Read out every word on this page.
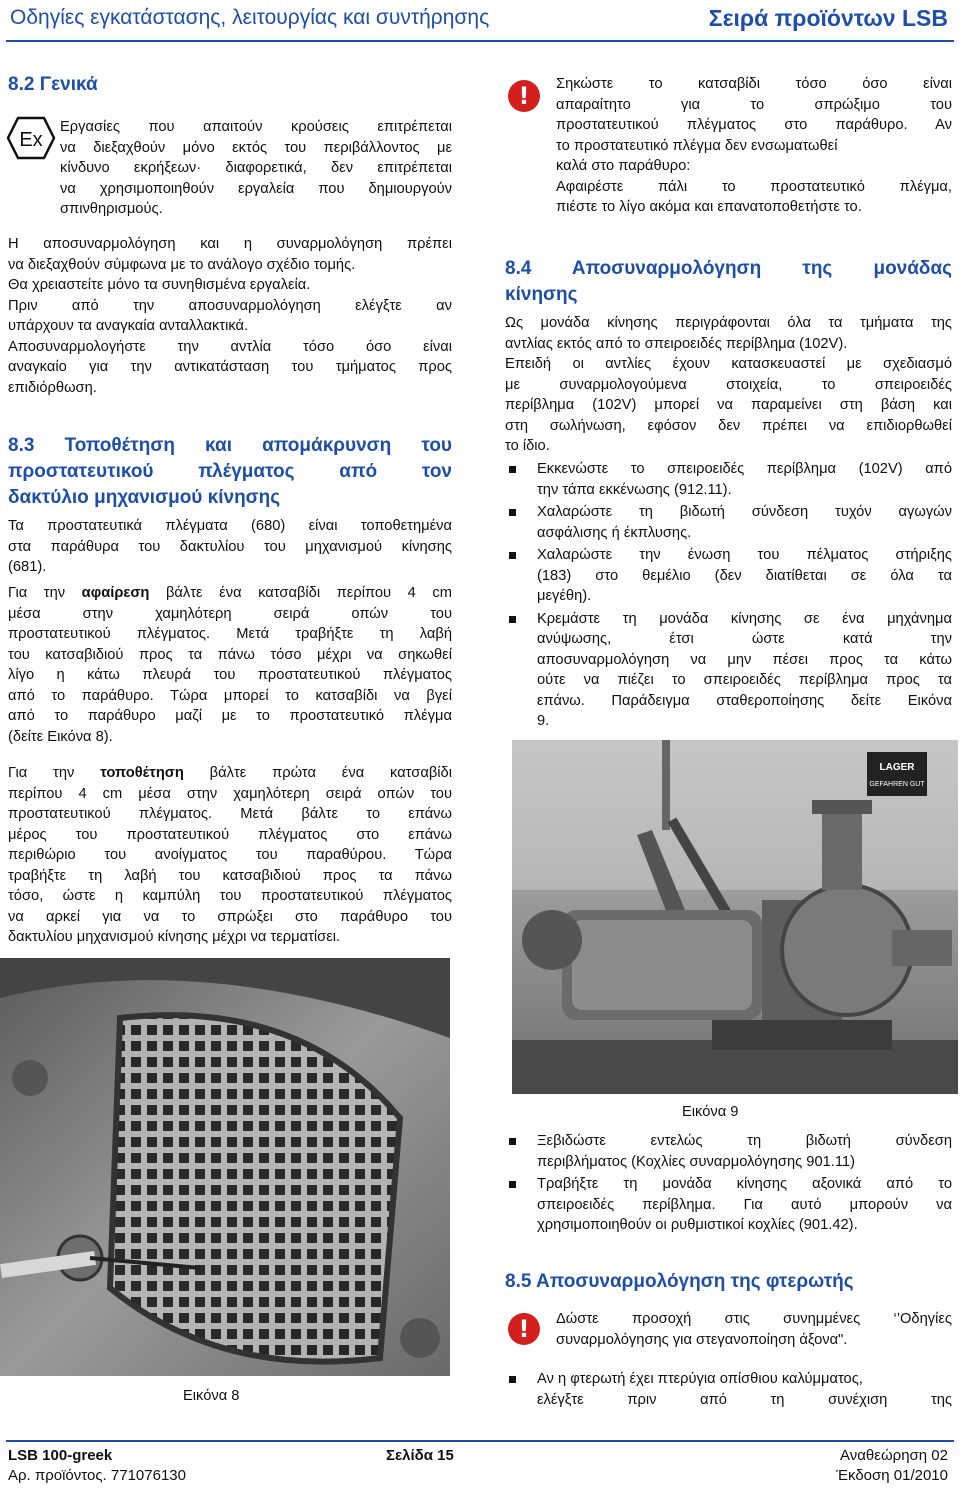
Οδηγίες εγκατάστασης, λειτουργίας και συντήρησης	Σειρά προϊόντων LSB
8.2 Γενικά
Ex
Εργασίες που απαιτούν κρούσεις επιτρέπεται
να διεξαχθούν μόνο εκτός του περιβάλλοντος με
κίνδυνο εκρήξεων· διαφορετικά, δεν επιτρέπεται
να χρησιμοποιηθούν εργαλεία που δημιουργούν
σπινθηρισμούς.
Η αποσυναρμολόγηση και η συναρμολόγηση πρέπει
να διεξαχθούν σύμφωνα με το ανάλογο σχέδιο τομής.
Θα χρειαστείτε μόνο τα συνηθισμένα εργαλεία.
Πριν από την αποσυναρμολόγηση ελέγξτε αν
υπάρχουν τα αναγκαία ανταλλακτικά.
Αποσυναρμολογήστε την αντλία τόσο όσο είναι
αναγκαίο για την αντικατάσταση του τμήματος προς
επιδιόρθωση.
8.3 Τοποθέτηση και απομάκρυνση του
προστατευτικού πλέγματος από τον
δακτύλιο μηχανισμού κίνησης
Τα προστατευτικά πλέγματα (680) είναι τοποθετημένα
στα παράθυρα του δακτυλίου του μηχανισμού κίνησης
(681).
Για την αφαίρεση βάλτε ένα κατσαβίδι περίπου 4 cm
μέσα στην χαμηλότερη σειρά οπών του
προστατευτικού πλέγματος. Μετά τραβήξτε τη λαβή
του κατσαβιδιού προς τα πάνω τόσο μέχρι να σηκωθεί
λίγο η κάτω πλευρά του προστατευτικού πλέγματος
από το παράθυρο. Τώρα μπορεί το κατσαβίδι να βγεί
από το παράθυρο μαζί με το προστατευτικό πλέγμα
(δείτε Εικόνα 8).
Για την τοποθέτηση βάλτε πρώτα ένα κατσαβίδι
περίπου 4 cm μέσα στην χαμηλότερη σειρά οπών του
προστατευτικού πλέγματος. Μετά βάλτε το επάνω
μέρος του προστατευτικού πλέγματος στο επάνω
περιθώριο του ανοίγματος του παραθύρου. Τώρα
τραβήξτε τη λαβή του κατσαβιδιού προς τα πάνω
τόσο, ώστε η καμπύλη του προστατευτικού πλέγματος
να αρκεί για να το σπρώξει στο παράθυρο του
δακτυλίου μηχανισμού κίνησης μέχρι να τερματίσει.
Εικόνα 8
!	Σηκώστε το κατσαβίδι τόσο όσο είναι
απαραίτητο για το σπρώξιμο του
προστατευτικού πλέγματος στο παράθυρο. Αν
το προστατευτικό πλέγμα δεν ενσωματωθεί
καλά στο παράθυρο:
Αφαιρέστε πάλι το προστατευτικό πλέγμα,
πιέστε το λίγο ακόμα και επανατοποθετήστε το.
8.4 Αποσυναρμολόγηση της μονάδας
κίνησης
Ως μονάδα κίνησης περιγράφονται όλα τα τμήματα της
αντλίας εκτός από το σπειροειδές περίβλημα (102V).
Επειδή οι αντλίες έχουν κατασκευαστεί με σχεδιασμό
με συναρμολογούμενα στοιχεία, το σπειροειδές
περίβλημα (102V) μπορεί να παραμείνει στη βάση και
στη σωλήνωση, εφόσον δεν πρέπει να επιδιορθωθεί
το ίδιο.
Εκκενώστε το σπειροειδές περίβλημα (102V) από
την τάπα εκκένωσης (912.11).
Χαλαρώστε τη βιδωτή σύνδεση τυχόν αγωγών
ασφάλισης ή έκπλυσης.
Χαλαρώστε την ένωση του πέλματος στήριξης
(183) στο θεμέλιο (δεν διατίθεται σε όλα τα
μεγέθη).
Κρεμάστε τη μονάδα κίνησης σε ένα μηχάνημα
ανύψωσης, έτσι ώστε κατά την
αποσυναρμολόγηση να μην πέσει προς τα κάτω
ούτε να πιέζει το σπειροειδές περίβλημα προς τα
επάνω. Παράδειγμα σταθεροποίησης δείτε Εικόνα
9.
LAGER
GEFAHREN GUT
Εικόνα 9
Ξεβιδώστε εντελώς τη βιδωτή σύνδεση
περιβλήματος (Κοχλίες συναρμολόγησης 901.11)
Τραβήξτε τη μονάδα κίνησης αξονικά από το
σπειροειδές περίβλημα. Για αυτό μπορούν να
χρησιμοποιηθούν οι ρυθμιστικοί κοχλίες (901.42).
8.5 Αποσυναρμολόγηση της φτερωτής
!	Δώστε προσοχή στις συνημμένες ‘’Οδηγίες
συναρμολόγησης για στεγανοποίηση άξονα".
Αν η φτερωτή έχει πτερύγια οπίσθιου καλύμματος,
ελέγξτε πριν από τη συνέχιση της
LSB 100-greek	Σελίδα 15	Αναθεώρηση 02
Αρ. προϊόντος. 771076130	Έκδοση 01/2010
